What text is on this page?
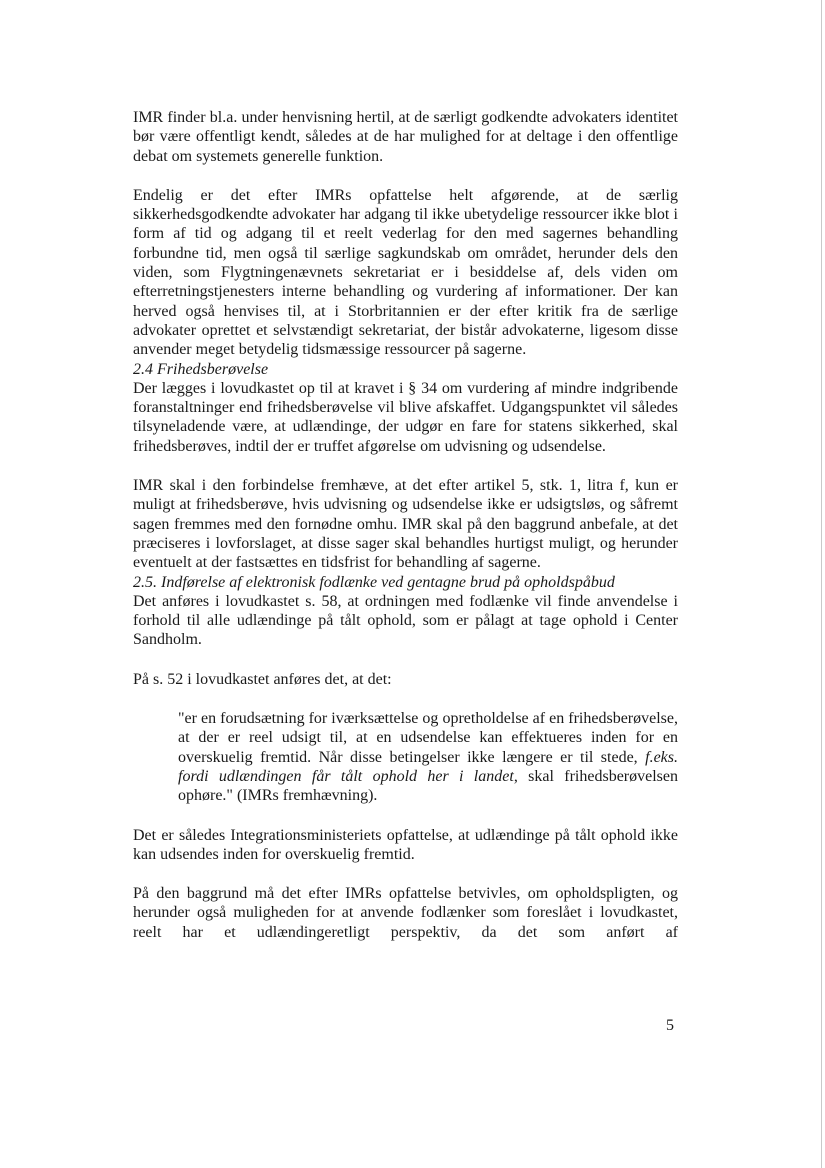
IMR finder bl.a. under henvisning hertil, at de særligt godkendte advokaters identitet bør være offentligt kendt, således at de har mulighed for at deltage i den offentlige debat om systemets generelle funktion.

Endelig er det efter IMRs opfattelse helt afgørende, at de særlig sikkerhedsgodkendte advokater har adgang til ikke ubetydelige ressourcer ikke blot i form af tid og adgang til et reelt vederlag for den med sagernes behandling forbundne tid, men også til særlige sagkundskab om området, herunder dels den viden, som Flygtningenævnets sekretariat er i besiddelse af, dels viden om efterretningstjenesters interne behandling og vurdering af informationer. Der kan herved også henvises til, at i Storbritannien er der efter kritik fra de særlige advokater oprettet et selvstændigt sekretariat, der bistår advokaterne, ligesom disse anvender meget betydelig tidsmæssige ressourcer på sagerne.

2.4 Frihedsberøvelse

Der lægges i lovudkastet op til at kravet i § 34 om vurdering af mindre indgribende foranstaltninger end frihedsberøvelse vil blive afskaffet. Udgangspunktet vil således tilsyneladende være, at udlændinge, der udgør en fare for statens sikkerhed, skal frihedsberøves, indtil der er truffet afgørelse om udvisning og udsendelse.

IMR skal i den forbindelse fremhæve, at det efter artikel 5, stk. 1, litra f, kun er muligt at frihedsberøve, hvis udvisning og udsendelse ikke er udsigtsløs, og såfremt sagen fremmes med den fornødne omhu. IMR skal på den baggrund anbefale, at det præciseres i lovforslaget, at disse sager skal behandles hurtigst muligt, og herunder eventuelt at der fastsættes en tidsfrist for behandling af sagerne.

2.5. Indførelse af elektronisk fodlænke ved gentagne brud på opholdspåbud

Det anføres i lovudkastet s. 58, at ordningen med fodlænke vil finde anvendelse i forhold til alle udlændinge på tålt ophold, som er pålagt at tage ophold i Center Sandholm.

På s. 52 i lovudkastet anføres det, at det:

"er en forudsætning for iværksættelse og opretholdelse af en frihedsberøvelse, at der er reel udsigt til, at en udsendelse kan effektueres inden for en overskuelig fremtid. Når disse betingelser ikke længere er til stede, f.eks. fordi udlændingen får tålt ophold her i landet, skal frihedsberøvelsen ophøre." (IMRs fremhævning).

Det er således Integrationsministeriets opfattelse, at udlændinge på tålt ophold ikke kan udsendes inden for overskuelig fremtid.

På den baggrund må det efter IMRs opfattelse betvivles, om opholdspligten, og herunder også muligheden for at anvende fodlænker som foreslået i lovudkastet, reelt har et udlændingeretligt perspektiv, da det som anført af

5
